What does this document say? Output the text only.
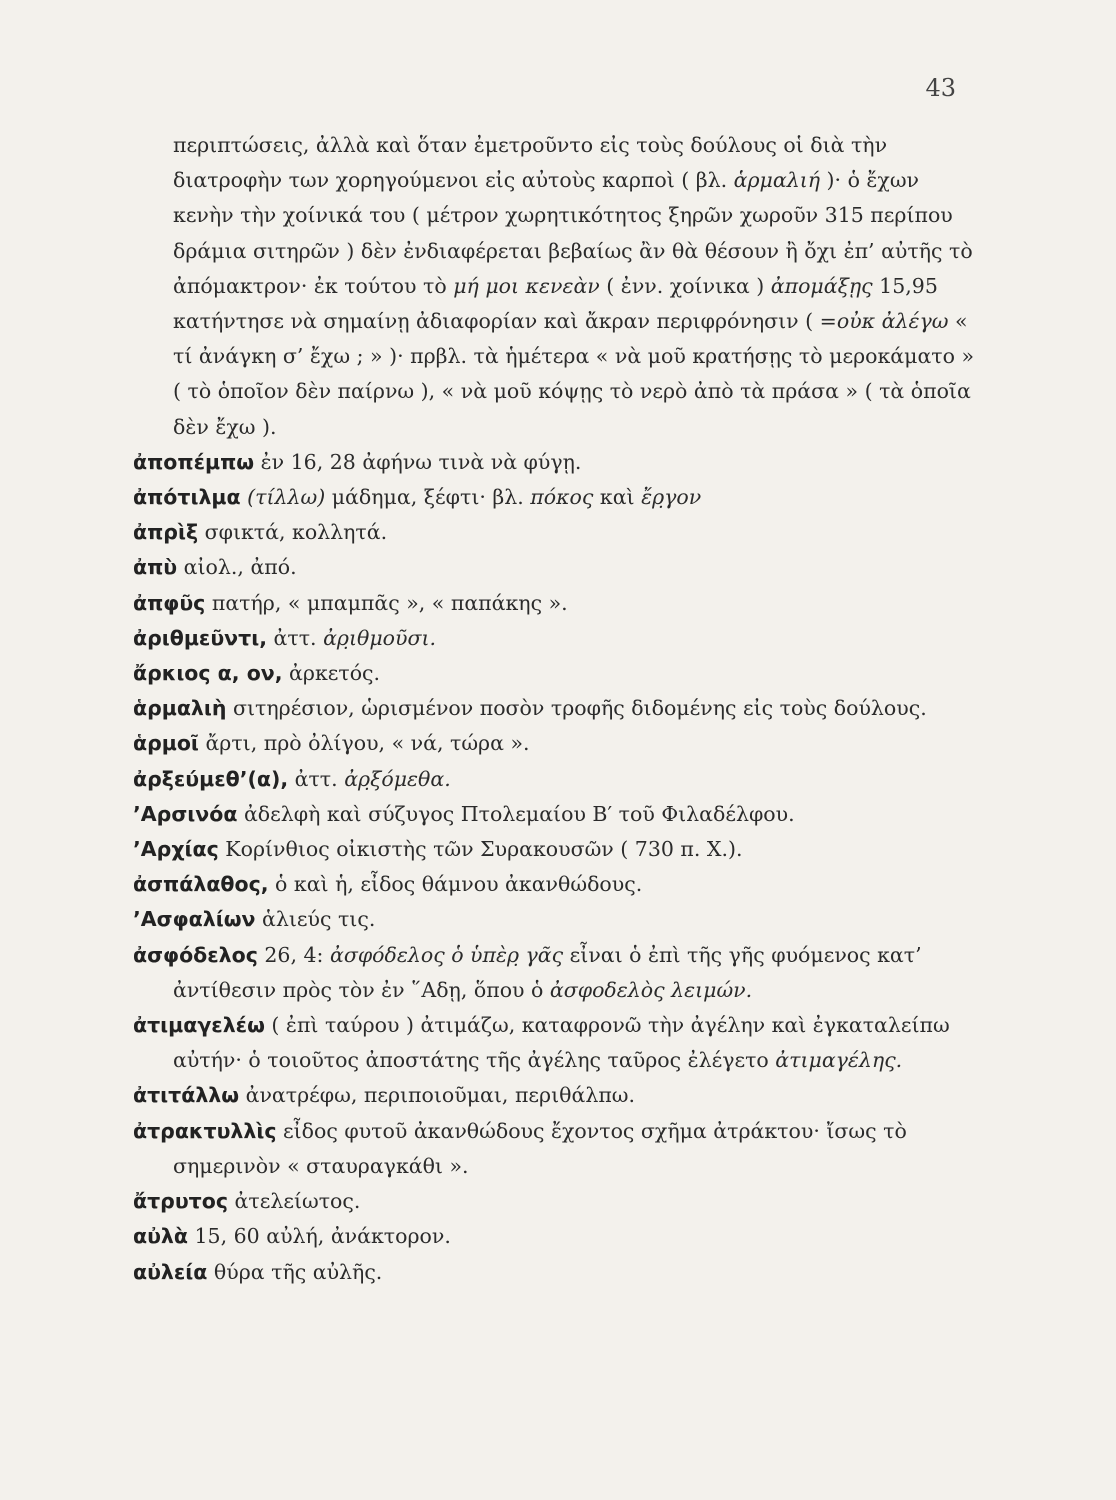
43

περιπτώσεις, ἀλλὰ καὶ ὅταν ἐμετροῦντο εἰς τοὺς δούλους οἱ διὰ τὴν διατροφὴν των χορηγούμενοι εἰς αὐτοὺς καρποὶ ( βλ. ἁρμαλιή )· ὁ ἔχων κενὴν τὴν χοίνικά του ( μέτρον χωρητικότητος ξηρῶν χωροῦν 315 περίπου δράμια σιτηρῶν ) δὲν ἐνδιαφέρεται βεβαίως ἂν θὰ θέσουν ἢ ὄχι ἐπ’ αὐτῆς τὸ ἀπόμακτρον· ἐκ τούτου τὸ μή μοι κενεὰν ( ἐνν. χοίνικα ) ἀπομάξῃς 15,95 κατήντησε νὰ σημαίνῃ ἀδιαφορίαν καὶ ἄκραν περιφρόνησιν ( =οὐκ ἀλέγω « τί ἀνάγκη σ’ ἔχω ; » )· πρβλ. τὰ ἡμέτερα « νὰ μοῦ κρατήσῃς τὸ μεροκάματο » ( τὸ ὁποῖον δὲν παίρνω ), « νὰ μοῦ κόψῃς τὸ νερὸ ἀπὸ τὰ πράσα » ( τὰ ὁποῖα δὲν ἔχω ).

ἀποπέμπω ἐν 16, 28 ἀφήνω τινὰ νὰ φύγῃ.

ἀπότιλμα (τίλλω) μάδημα, ξέφτι· βλ. πόκος καὶ ἔρ̣γον

ἀπρὶξ σφικτά, κολλητά.

ἀπὺ αἰολ., ἀπό.

ἀπφῦς πατήρ, « μπαμπᾶς », « παπάκης ».

ἀριθμεῦντι, ἀττ. ἀρ̣ιθμοῦσι.

ἄρκιος α, ον, ἀρκετός.

ἁρμαλιὴ σιτηρέσιον, ὡρισμένον ποσὸν τροφῆς διδομένης εἰς τοὺς δούλους.

ἁρμοῖ ἄρτι, πρὸ ὀλίγου, « νά, τώρα ».

ἀρξεύμεθ’(α), ἀττ. ἀρ̣ξόμεθα.

’Αρσινόα ἀδελφὴ καὶ σύζυγος Πτολεμαίου Β′ τοῦ Φιλαδέλφου.

’Αρχίας Κορίνθιος οἰκιστὴς τῶν Συρακουσῶν ( 730 π. Χ.).

ἀσπάλαθος, ὁ καὶ ἡ, εἶδος θάμνου ἀκανθώδους.

’Ασφαλίων ἁλιεύς τις.

ἀσφόδελος 26, 4: ἀσφόδελος ὁ ὑπὲρ̣ γᾶς εἶναι ὁ ἐπὶ τῆς γῆς φυόμενος κατ’ ἀντίθεσιν πρὸς τὸν ἐν ῞Αδῃ, ὅπου ὁ ἀσφοδελὸς λειμών.

ἀτιμαγελέω ( ἐπὶ ταύρου ) ἀτιμάζω, καταφρονῶ τὴν ἀγέλην καὶ ἐγκαταλείπω αὐτήν· ὁ τοιοῦτος ἀποστάτης τῆς ἀγέλης ταῦρος ἐλέγετο ἀτιμαγέλης.

ἀτιτάλλω ἀνατρέφω, περιποιοῦμαι, περιθάλπω.

ἀτρακτυλλὶς εἶδος φυτοῦ ἀκανθώδους ἔχοντος σχῆμα ἀτράκτου· ἴσως τὸ σημερινὸν « σταυραγκάθι ».

ἄτρυτος ἀτελείωτος.

αὐλὰ 15, 60 αὐλή, ἀνάκτορον.

αὐλεία θύρα τῆς αὐλῆς.
